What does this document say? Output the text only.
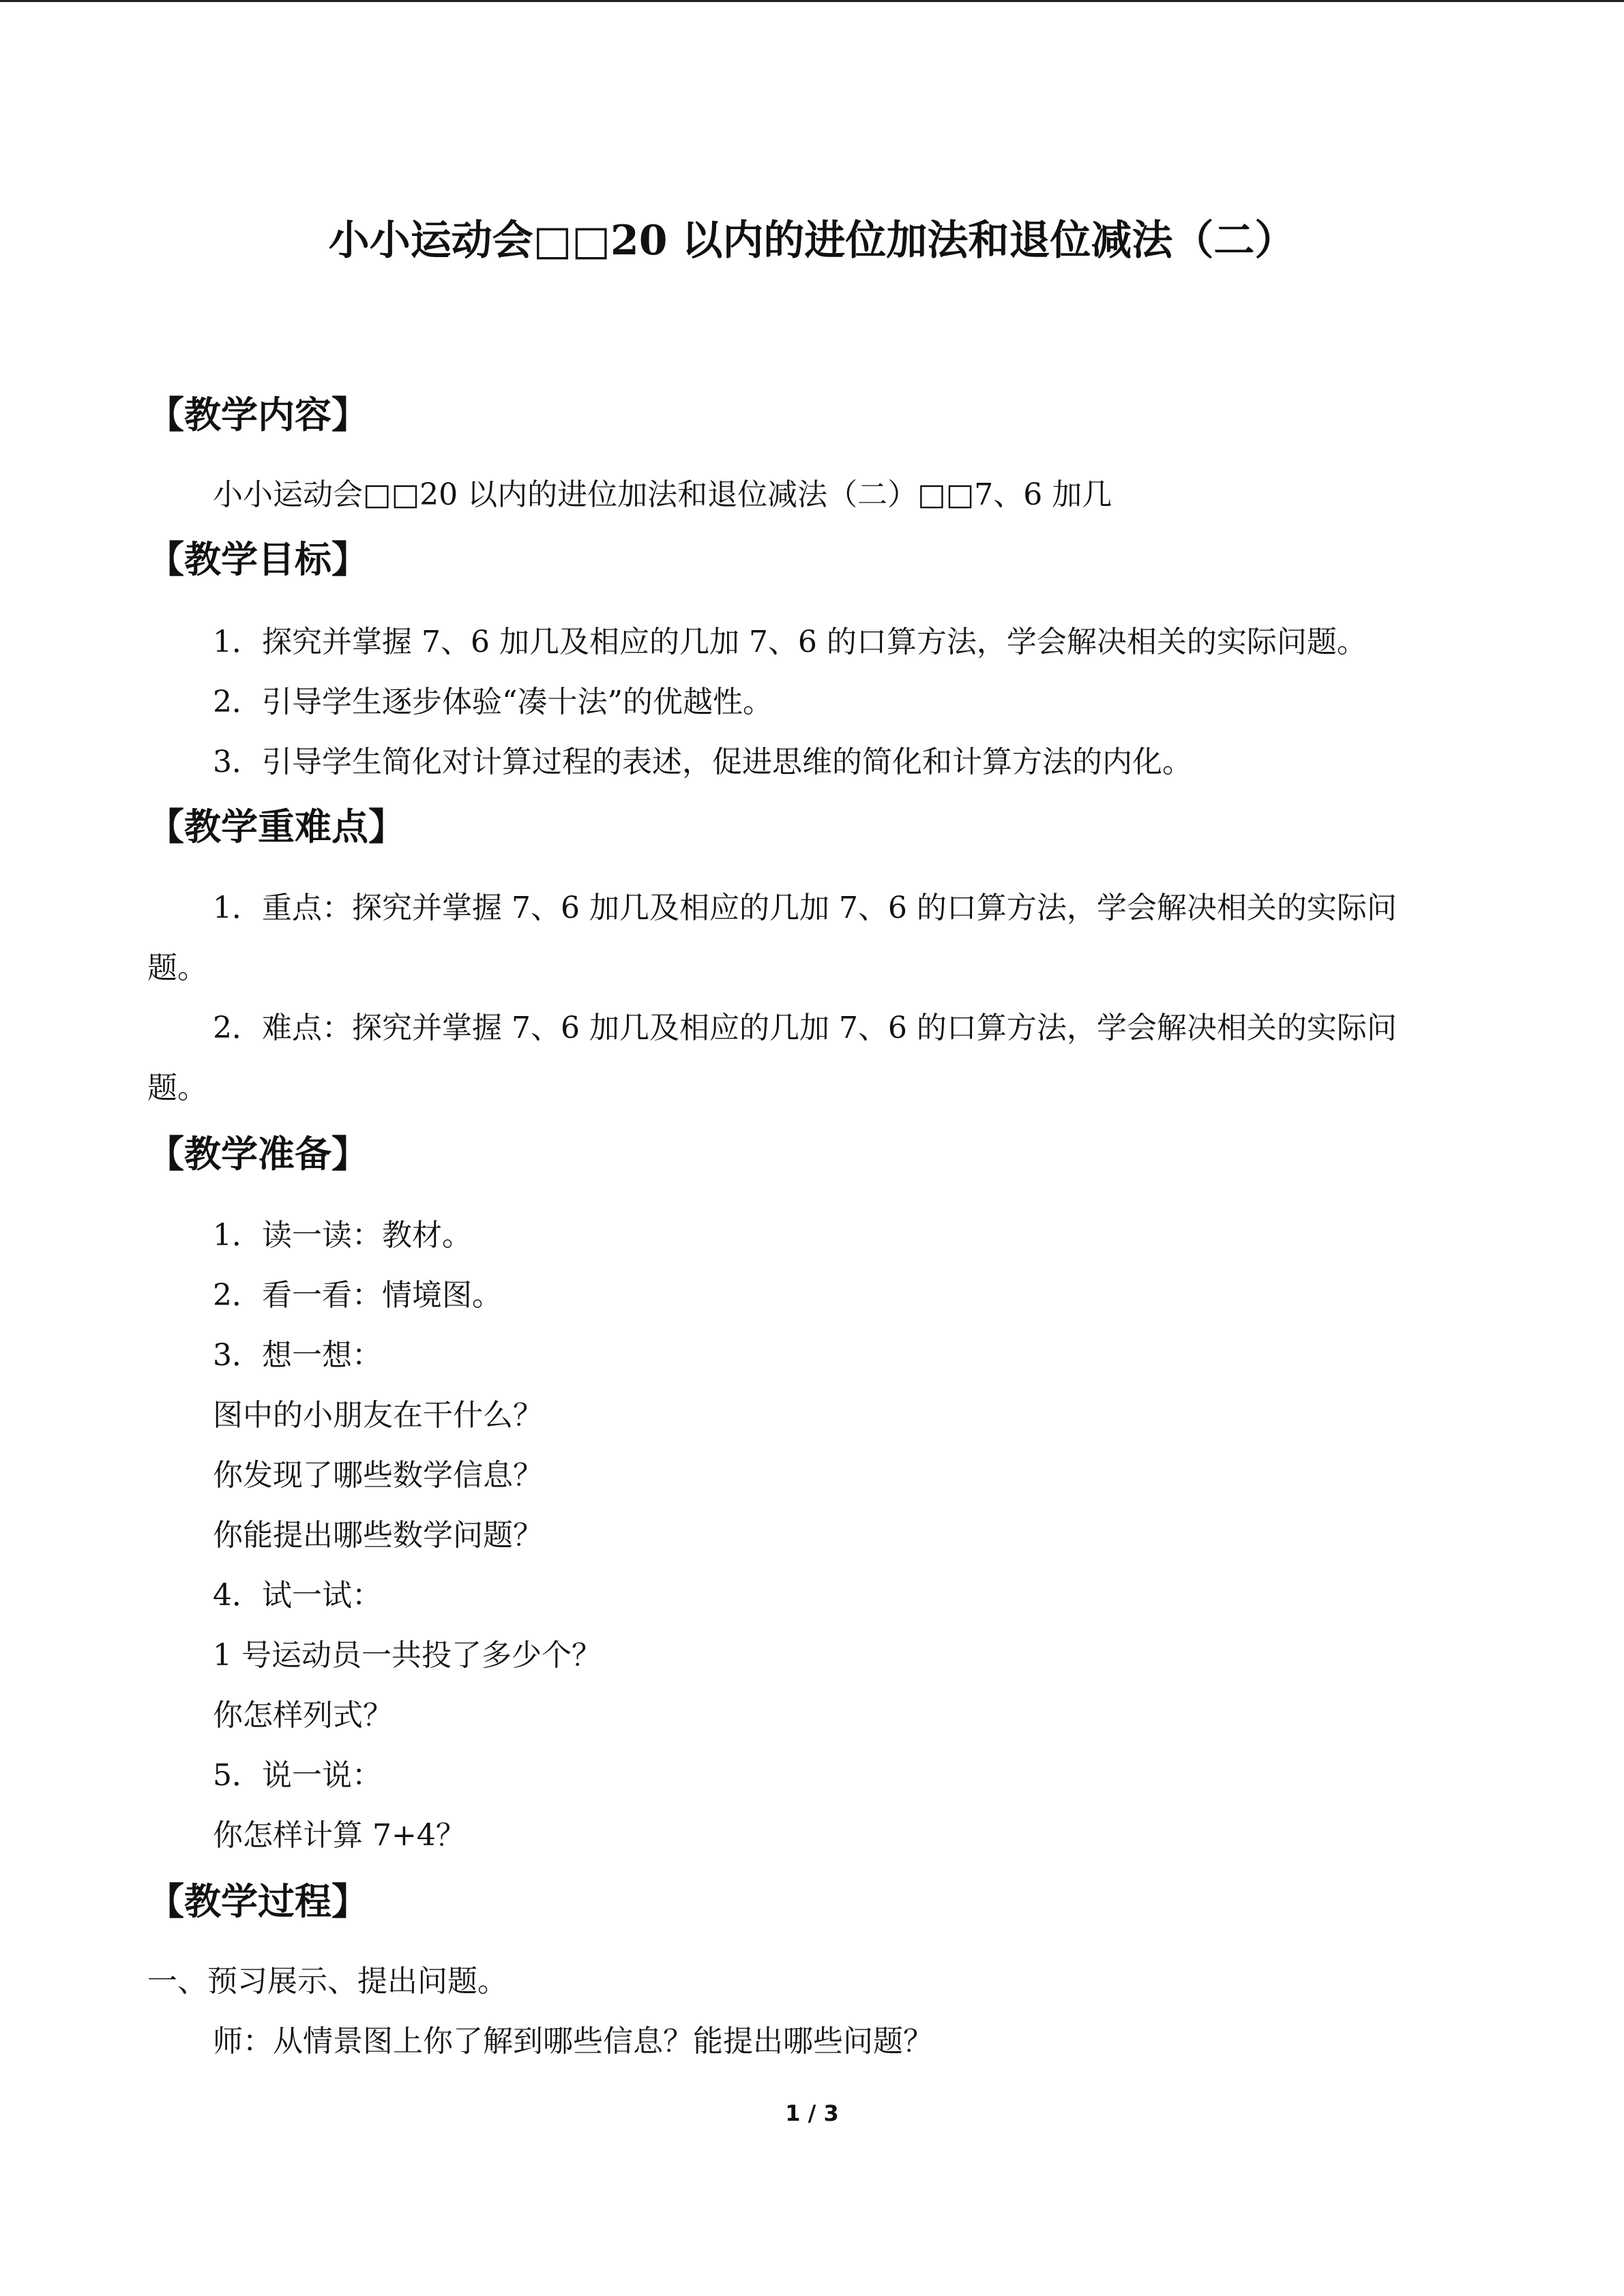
小小运动会□□20 以内的进位加法和退位减法（二）
【教学内容】
小小运动会□□20 以内的进位加法和退位减法（二）□□7、6 加几
【教学目标】
1．探究并掌握 7、6 加几及相应的几加 7、6 的口算方法，学会解决相关的实际问题。
2．引导学生逐步体验“凑十法”的优越性。
3．引导学生简化对计算过程的表述，促进思维的简化和计算方法的内化。
【教学重难点】
1．重点：探究并掌握 7、6 加几及相应的几加 7、6 的口算方法，学会解决相关的实际问
题。
2．难点：探究并掌握 7、6 加几及相应的几加 7、6 的口算方法，学会解决相关的实际问
题。
【教学准备】
1．读一读：教材。
2．看一看：情境图。
3．想一想：
图中的小朋友在干什么？
你发现了哪些数学信息？
你能提出哪些数学问题？
4．试一试：
1 号运动员一共投了多少个？
你怎样列式？
5．说一说：
你怎样计算 7+4？
【教学过程】
一、预习展示、提出问题。
师：从情景图上你了解到哪些信息？能提出哪些问题？
1 / 3
